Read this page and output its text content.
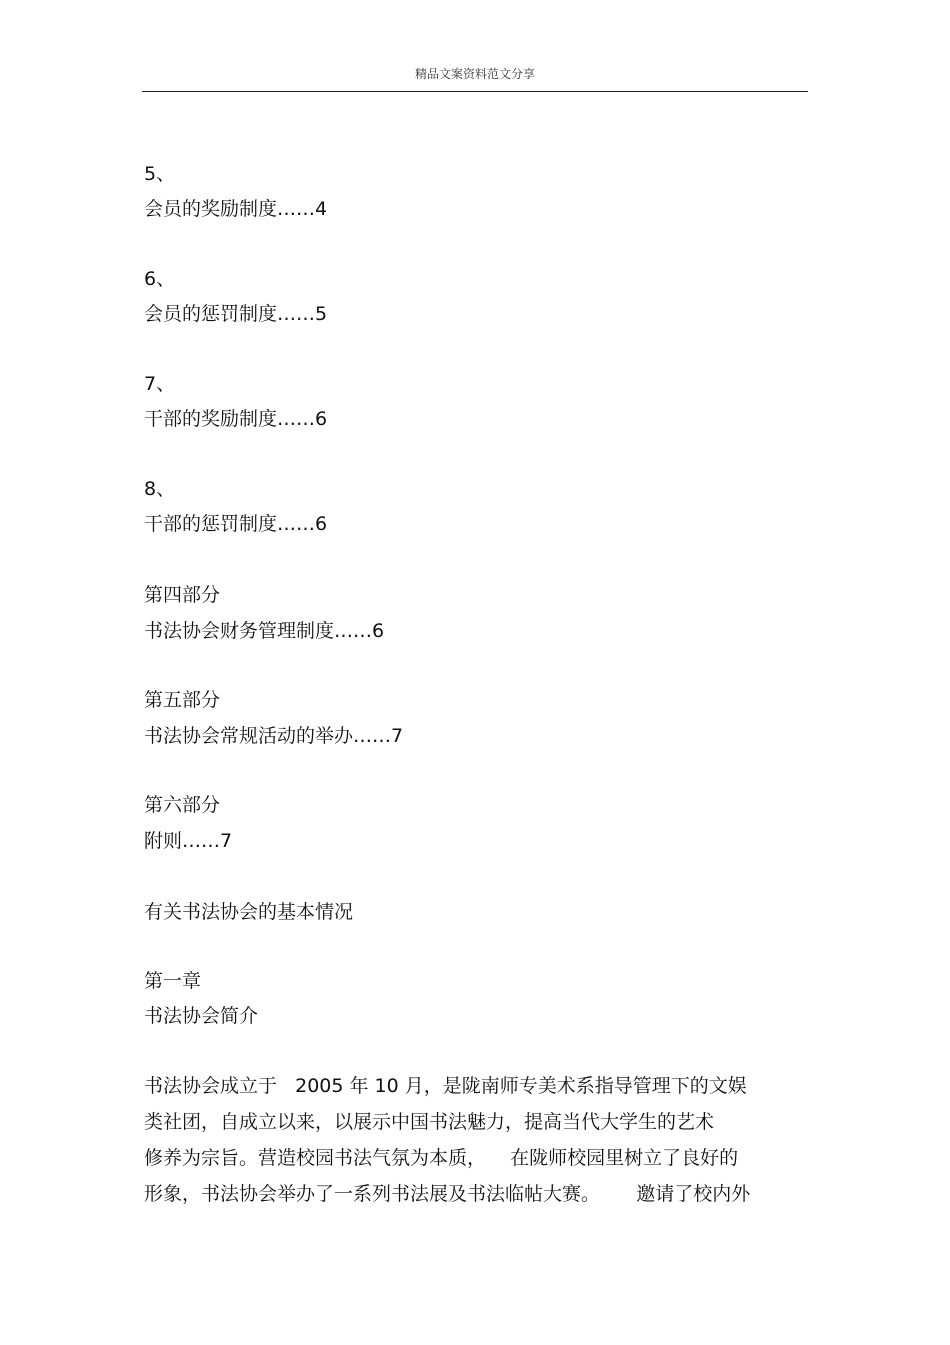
精品文案资料范文分享
5、
会员的奖励制度……4
6、
会员的惩罚制度……5
7、
干部的奖励制度……6
8、
干部的惩罚制度……6
第四部分
书法协会财务管理制度……6
第五部分
书法协会常规活动的举办……7
第六部分
附则……7
有关书法协会的基本情况
第一章
书法协会简介
书法协会成立于   2005 年 10 月，是陇南师专美术系指导管理下的文娱
类社团，自成立以来，以展示中国书法魅力，提高当代大学生的艺术
修养为宗旨。营造校园书法气氛为本质，    在陇师校园里树立了良好的
形象，书法协会举办了一系列书法展及书法临帖大赛。      邀请了校内外
